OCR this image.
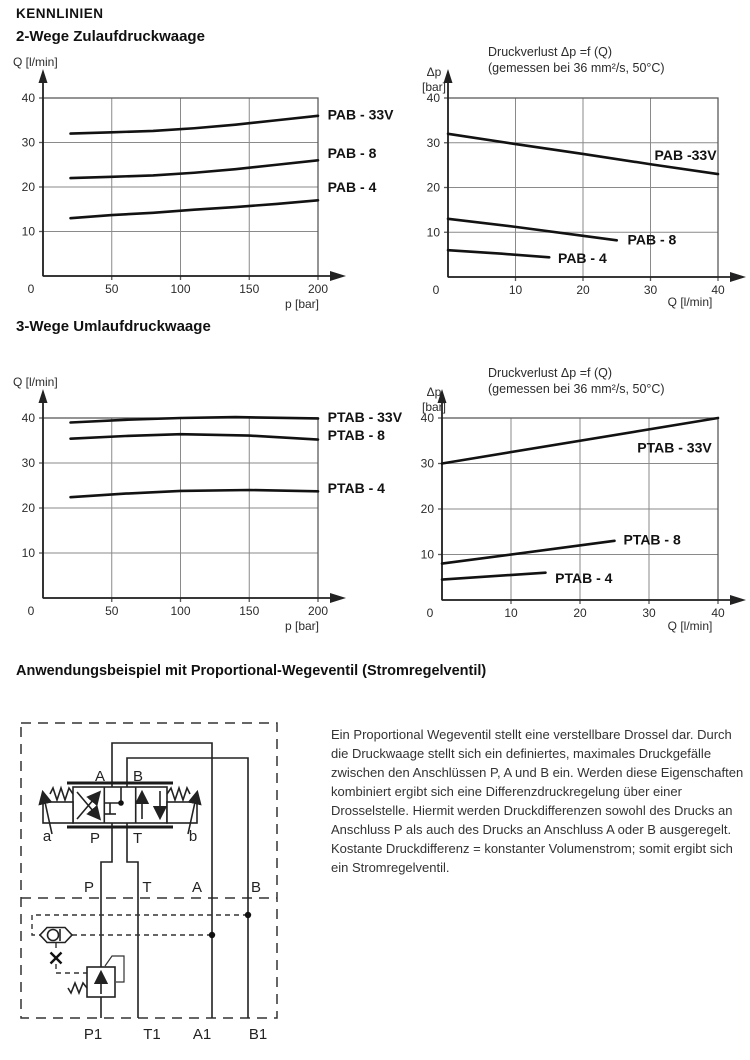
KENNLINIEN
2-Wege Zulaufdruckwaage
3-Wege Umlaufdruckwaage
Anwendungsbeispiel mit Proportional-Wegeventil (Stromregelventil)
0	50	100	150	200
10
20
30
40
Q [l/min]
p [bar]
PAB - 33V
PAB - 8
PAB - 4
0	10	20	30	40
10
20
30
40
Δp
[bar]
Q [l/min]
Druckverlust Δp =f (Q)
(gemessen bei 36 mm²/s, 50°C)
PAB -33V
PAB - 8
PAB - 4
0	50	100	150	200
10
20
30
40
Q [l/min]
p [bar]
PTAB - 33V
PTAB - 8
PTAB - 4
0	10	20	30	40
10
20
30
40
Δp
[bar]
Q [l/min]
Druckverlust Δp =f (Q)
(gemessen bei 36 mm²/s, 50°C)
PTAB - 33V
PTAB - 8
PTAB - 4
A B
P T
a	b
P	T	A	B
P1	T1 A1	B1

Ein Proportional Wegeventil stellt eine verstellbare Drossel dar. Durch die Druckwaage stellt sich ein definiertes, maximales Druckgefälle zwischen den Anschlüssen P, A und B ein. Werden diese Eigenschaften kombiniert ergibt sich eine Differenzdruckregelung über einer Drosselstelle. Hiermit werden Druckdifferenzen sowohl des Drucks an Anschluss P als auch des Drucks an Anschluss A oder B ausgeregelt. Kostante Druckdifferenz = konstanter Volumenstrom; somit ergibt sich ein Stromregelventil.
